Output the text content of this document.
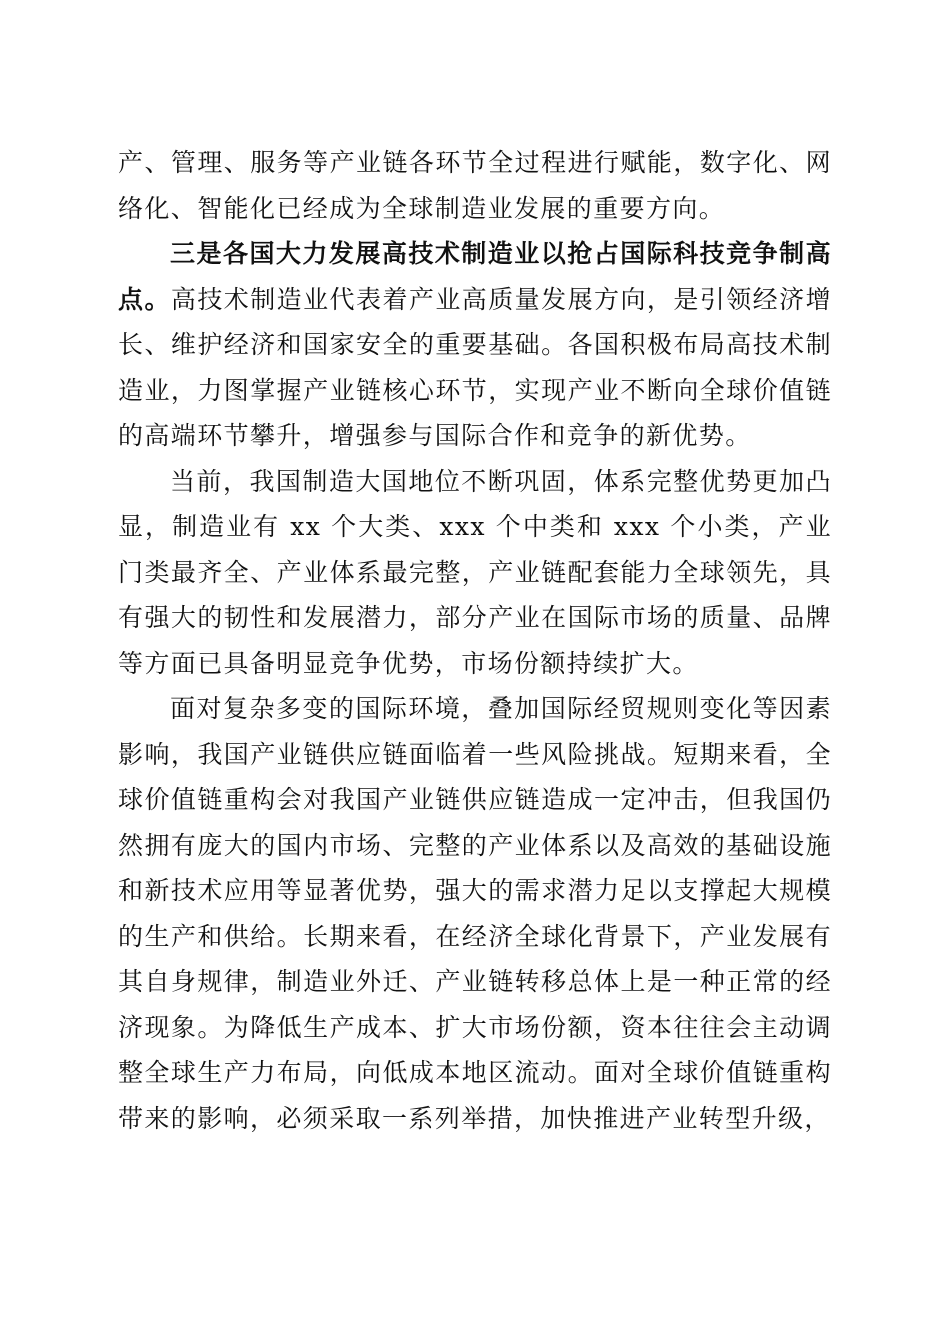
产、管理、服务等产业链各环节全过程进行赋能，数字化、网络化、智能化已经成为全球制造业发展的重要方向。

三是各国大力发展高技术制造业以抢占国际科技竞争制高点。高技术制造业代表着产业高质量发展方向，是引领经济增长、维护经济和国家安全的重要基础。各国积极布局高技术制造业，力图掌握产业链核心环节，实现产业不断向全球价值链的高端环节攀升，增强参与国际合作和竞争的新优势。

当前，我国制造大国地位不断巩固，体系完整优势更加凸显，制造业有 xx 个大类、xxx 个中类和 xxx 个小类，产业门类最齐全、产业体系最完整，产业链配套能力全球领先，具有强大的韧性和发展潜力，部分产业在国际市场的质量、品牌等方面已具备明显竞争优势，市场份额持续扩大。

面对复杂多变的国际环境，叠加国际经贸规则变化等因素影响，我国产业链供应链面临着一些风险挑战。短期来看，全球价值链重构会对我国产业链供应链造成一定冲击，但我国仍然拥有庞大的国内市场、完整的产业体系以及高效的基础设施和新技术应用等显著优势，强大的需求潜力足以支撑起大规模的生产和供给。长期来看，在经济全球化背景下，产业发展有其自身规律，制造业外迁、产业链转移总体上是一种正常的经济现象。为降低生产成本、扩大市场份额，资本往往会主动调整全球生产力布局，向低成本地区流动。面对全球价值链重构带来的影响，必须采取一系列举措，加快推进产业转型升级，
